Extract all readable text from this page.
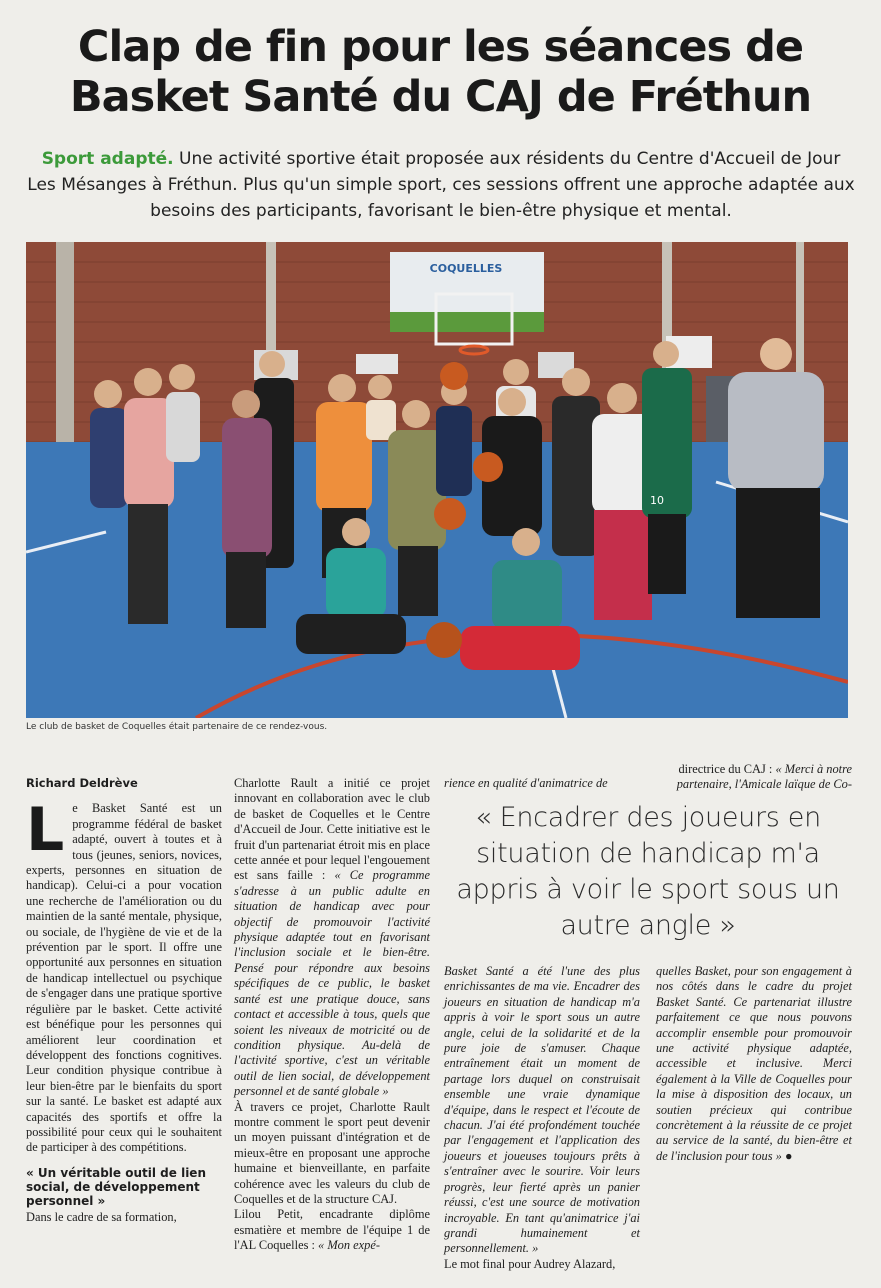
Clap de fin pour les séances de Basket Santé du CAJ de Fréthun
Sport adapté. Une activité sportive était proposée aux résidents du Centre d'Accueil de Jour Les Mésanges à Fréthun. Plus qu'un simple sport, ces sessions offrent une approche adaptée aux besoins des participants, favorisant le bien-être physique et mental.
COQUELLES
10
Le club de basket de Coquelles était partenaire de ce rendez-vous.

Richard Deldrève

L e Basket Santé est un programme fédéral de basket adapté, ouvert à toutes et à tous (jeunes, seniors, novices, experts, personnes en situation de handicap). Celui-ci a pour vocation une recherche de l'amélioration ou du maintien de la santé mentale, physique, ou sociale, de l'hygiène de vie et de la prévention par le sport. Il offre une opportunité aux personnes en situation de handicap intellectuel ou psychique de s'engager dans une pratique sportive régulière par le basket. Cette activité est bénéfique pour les personnes qui améliorent leur coordination et développent des fonctions cognitives. Leur condition physique contribue à leur bien-être par le bienfaits du sport sur la santé. Le basket est adapté aux capacités des sportifs et offre la possibilité pour ceux qui le souhaitent de participer à des compétitions.

« Un véritable outil de lien social, de développement personnel »

Dans le cadre de sa formation,

Charlotte Rault a initié ce projet innovant en collaboration avec le club de basket de Coquelles et le Centre d'Accueil de Jour. Cette initiative est le fruit d'un partenariat étroit mis en place cette année et pour lequel l'engouement est sans faille : « Ce programme s'adresse à un public adulte en situation de handicap avec pour objectif de promouvoir l'activité physique adaptée tout en favorisant l'inclusion sociale et le bien-être. Pensé pour répondre aux besoins spécifiques de ce public, le basket santé est une pratique douce, sans contact et accessible à tous, quels que soient les niveaux de motricité ou de condition physique. Au-delà de l'activité sportive, c'est un véritable outil de lien social, de développement personnel et de santé globale »

À travers ce projet, Charlotte Rault montre comment le sport peut devenir un moyen puissant d'intégration et de mieux-être en proposant une approche humaine et bienveillante, en parfaite cohérence avec les valeurs du club de Coquelles et de la structure CAJ.

Lilou Petit, encadrante diplôme esmatière et membre de l'équipe 1 de l'AL Coquelles : « Mon expé-

rience en qualité d'animatrice de
directrice du CAJ : « Merci à notre partenaire, l'Amicale laïque de Co-
« Encadrer des joueurs en situation de handicap m'a appris à voir le sport sous un autre angle »

Basket Santé a été l'une des plus enrichissantes de ma vie. Encadrer des joueurs en situation de handicap m'a appris à voir le sport sous un autre angle, celui de la solidarité et de la pure joie de s'amuser. Chaque entraînement était un moment de partage lors duquel on construisait ensemble une vraie dynamique d'équipe, dans le respect et l'écoute de chacun. J'ai été profondément touchée par l'engagement et l'application des joueurs et joueuses toujours prêts à s'entraîner avec le sourire. Voir leurs progrès, leur fierté après un panier réussi, c'est une source de motivation incroyable. En tant qu'animatrice j'ai grandi humainement et personnellement. »

Le mot final pour Audrey Alazard,

quelles Basket, pour son engagement à nos côtés dans le cadre du projet Basket Santé. Ce partenariat illustre parfaitement ce que nous pouvons accomplir ensemble pour promouvoir une activité physique adaptée, accessible et inclusive. Merci également à la Ville de Coquelles pour la mise à disposition des locaux, un soutien précieux qui contribue concrètement à la réussite de ce projet au service de la santé, du bien-être et de l'inclusion pour tous » ●
